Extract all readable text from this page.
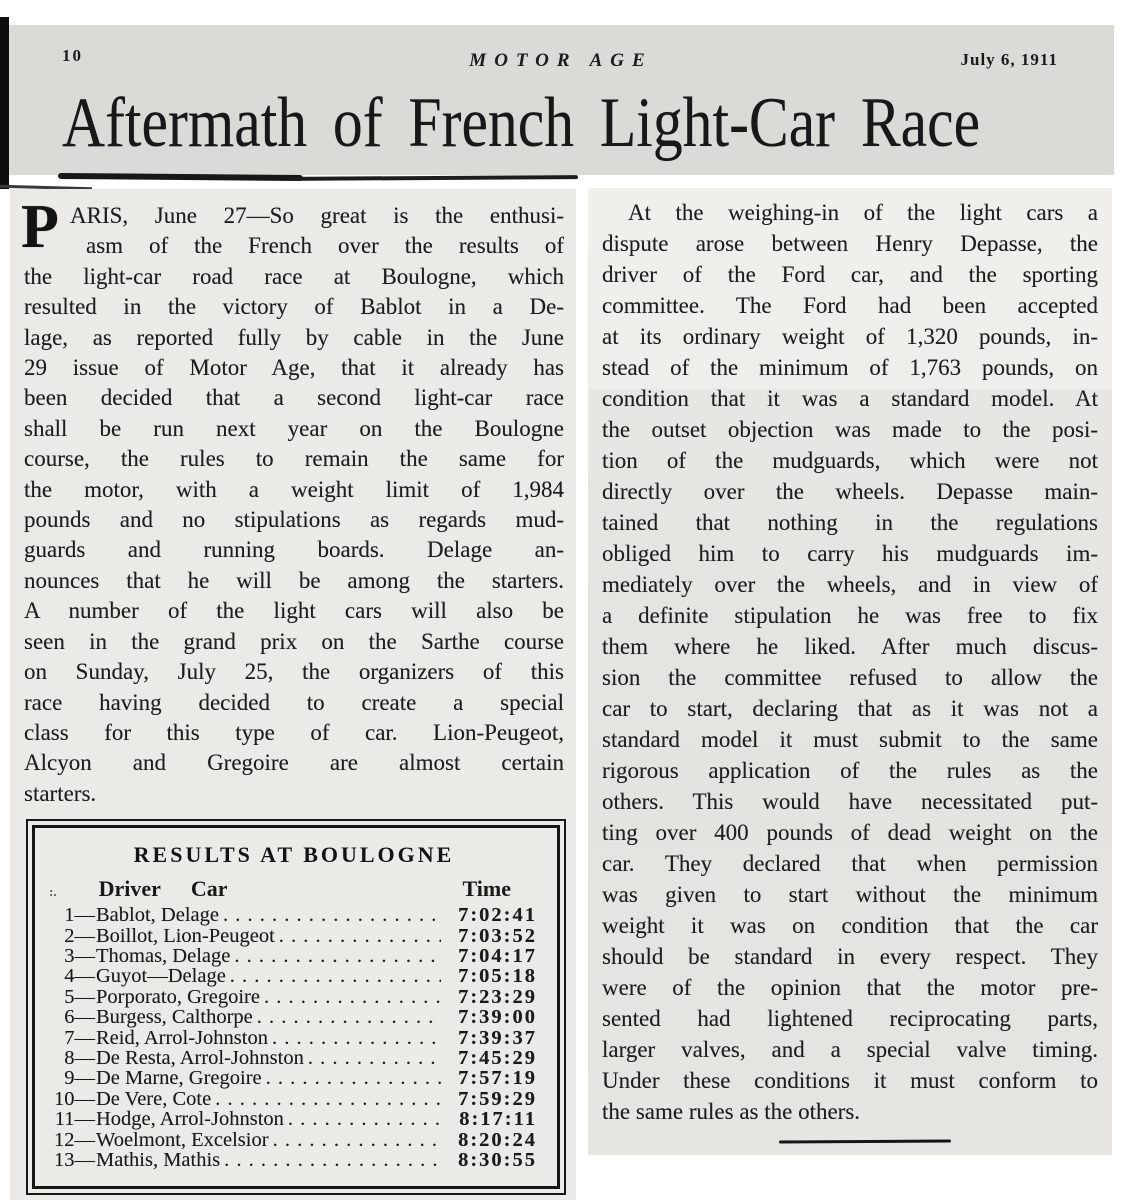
10	MOTOR AGE	July 6, 1911
Aftermath of French Light-Car Race
ARIS, June 27—So great is the enthusi-
asm of the French over the results of
the light-car road race at Boulogne, which
resulted in the victory of Bablot in a De-
lage, as reported fully by cable in the June
29 issue of Motor Age, that it already has
been decided that a second light-car race
shall be run next year on the Boulogne
course, the rules to remain the same for
the motor, with a weight limit of 1,984
pounds and no stipulations as regards mud-
guards and running boards. Delage an-
nounces that he will be among the starters.
A number of the light cars will also be
seen in the grand prix on the Sarthe course
on Sunday, July 25, the organizers of this
race having decided to create a special
class for this type of car. Lion-Peugeot,
Alcyon and Gregoire are almost certain
starters.
RESULTS AT BOULOGNE
:. Driver Car	Time
1— Bablot, Delage . . .	7:02:41
2— Boillot, Lion-Peugeot . . .	7:03:52
3— Thomas, Delage . . .	7:04:17
4— Guyot—Delage . . .	7:05:18
5— Porporato, Gregoire . . .	7:23:29
6— Burgess, Calthorpe . . .	7:39:00
7— Reid, Arrol-Johnston . . .	7:39:37
8— De Resta, Arrol-Johnston . . .	7:45:29
9— De Marne, Gregoire . . .	7:57:19
10— De Vere, Cote . . .	7:59:29
11— Hodge, Arrol-Johnston . . .	8:17:11
12— Woelmont, Excelsior . . .	8:20:24
13— Mathis, Mathis . . .	8:30:55
P	At the weighing-in of the light cars a
dispute arose between Henry Depasse, the
driver of the Ford car, and the sporting
committee. The Ford had been accepted
at its ordinary weight of 1,320 pounds, in-
stead of the minimum of 1,763 pounds, on
condition that it was a standard model. At
the outset objection was made to the posi-
tion of the mudguards, which were not
directly over the wheels. Depasse main-
tained that nothing in the regulations
obliged him to carry his mudguards im-
mediately over the wheels, and in view of
a definite stipulation he was free to fix
them where he liked. After much discus-
sion the committee refused to allow the
car to start, declaring that as it was not a
standard model it must submit to the same
rigorous application of the rules as the
others. This would have necessitated put-
ting over 400 pounds of dead weight on the
car. They declared that when permission
was given to start without the minimum
weight it was on condition that the car
should be standard in every respect. They
were of the opinion that the motor pre-
sented had lightened reciprocating parts,
larger valves, and a special valve timing.
Under these conditions it must conform to
the same rules as the others.
